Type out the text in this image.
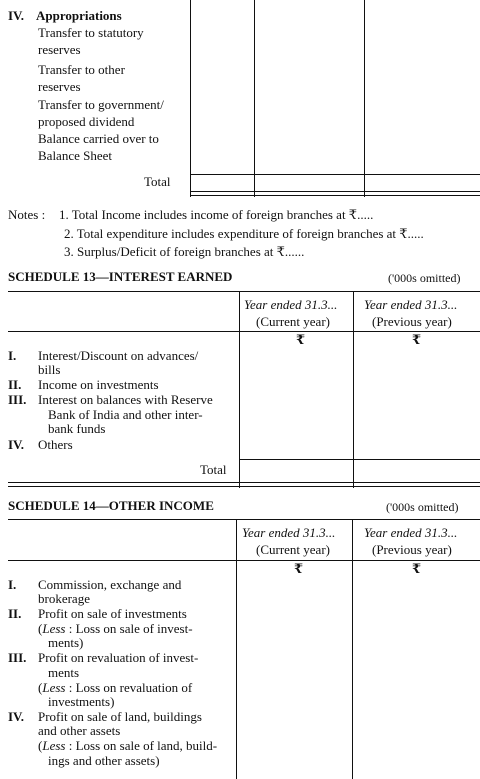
IV. Appropriations
Transfer to statutory
reserves
Transfer to other
reserves
Transfer to government/
proposed dividend
Balance carried over to
Balance Sheet
Total
Notes : 1. Total Income includes income of foreign branches at ₹.....
2. Total expenditure includes expenditure of foreign branches at ₹.....
3. Surplus/Deficit of foreign branches at ₹......
SCHEDULE 13—INTEREST EARNED	('000s omitted)
Year ended 31.3...
(Current year)
Year ended 31.3...
(Previous year)
₹	₹
I. Interest/Discount on advances/
bills
II. Income on investments
III. Interest on balances with Reserve
Bank of India and other inter-
bank funds
IV. Others
Total
SCHEDULE 14—OTHER INCOME	('000s omitted)
Year ended 31.3...
(Current year)
Year ended 31.3...
(Previous year)
₹	₹
I. Commission, exchange and
brokerage
II. Profit on sale of investments
(Less : Loss on sale of invest-
ments)
III. Profit on revaluation of invest-
ments
(Less : Loss on revaluation of
investments)
IV. Profit on sale of land, buildings
and other assets
(Less : Loss on sale of land, build-
ings and other assets)
